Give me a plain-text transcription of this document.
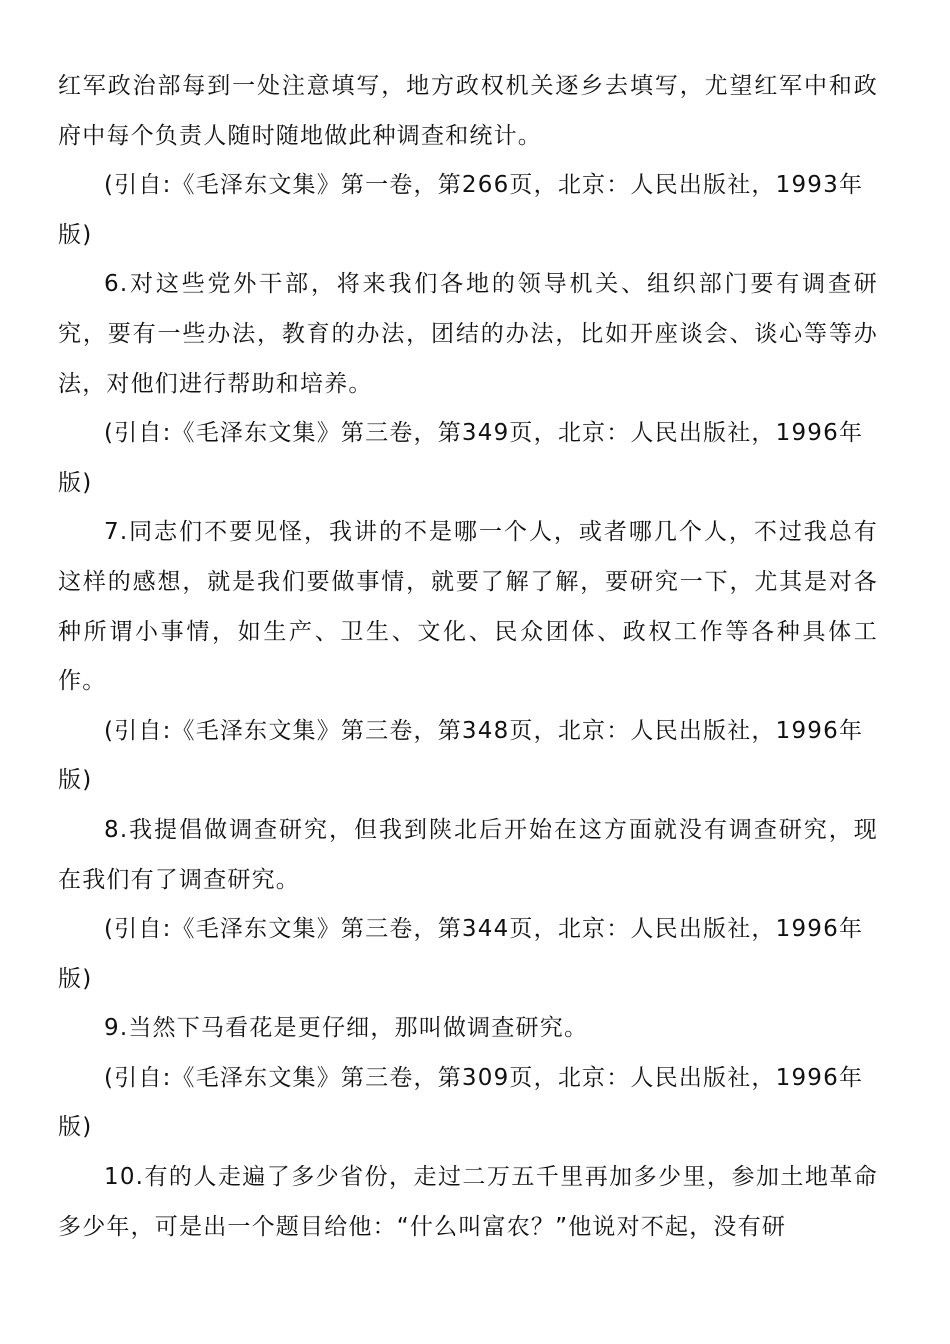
红军政治部每到一处注意填写，地方政权机关逐乡去填写，尤望红军中和政府中每个负责人随时随地做此种调查和统计。

(引自:《毛泽东文集》第一卷，第266页，北京：人民出版社，1993年版)

6.对这些党外干部，将来我们各地的领导机关、组织部门要有调查研究，要有一些办法，教育的办法，团结的办法，比如开座谈会、谈心等等办法，对他们进行帮助和培养。

(引自:《毛泽东文集》第三卷，第349页，北京：人民出版社，1996年版)

7.同志们不要见怪，我讲的不是哪一个人，或者哪几个人，不过我总有这样的感想，就是我们要做事情，就要了解了解，要研究一下，尤其是对各种所谓小事情，如生产、卫生、文化、民众团体、政权工作等各种具体工作。

(引自:《毛泽东文集》第三卷，第348页，北京：人民出版社，1996年版)

8.我提倡做调查研究，但我到陕北后开始在这方面就没有调查研究，现在我们有了调查研究。

(引自:《毛泽东文集》第三卷，第344页，北京：人民出版社，1996年版)

9.当然下马看花是更仔细，那叫做调查研究。

(引自:《毛泽东文集》第三卷，第309页，北京：人民出版社，1996年版)

10.有的人走遍了多少省份，走过二万五千里再加多少里，参加土地革命多少年，可是出一个题目给他：“什么叫富农？”他说对不起，没有研
